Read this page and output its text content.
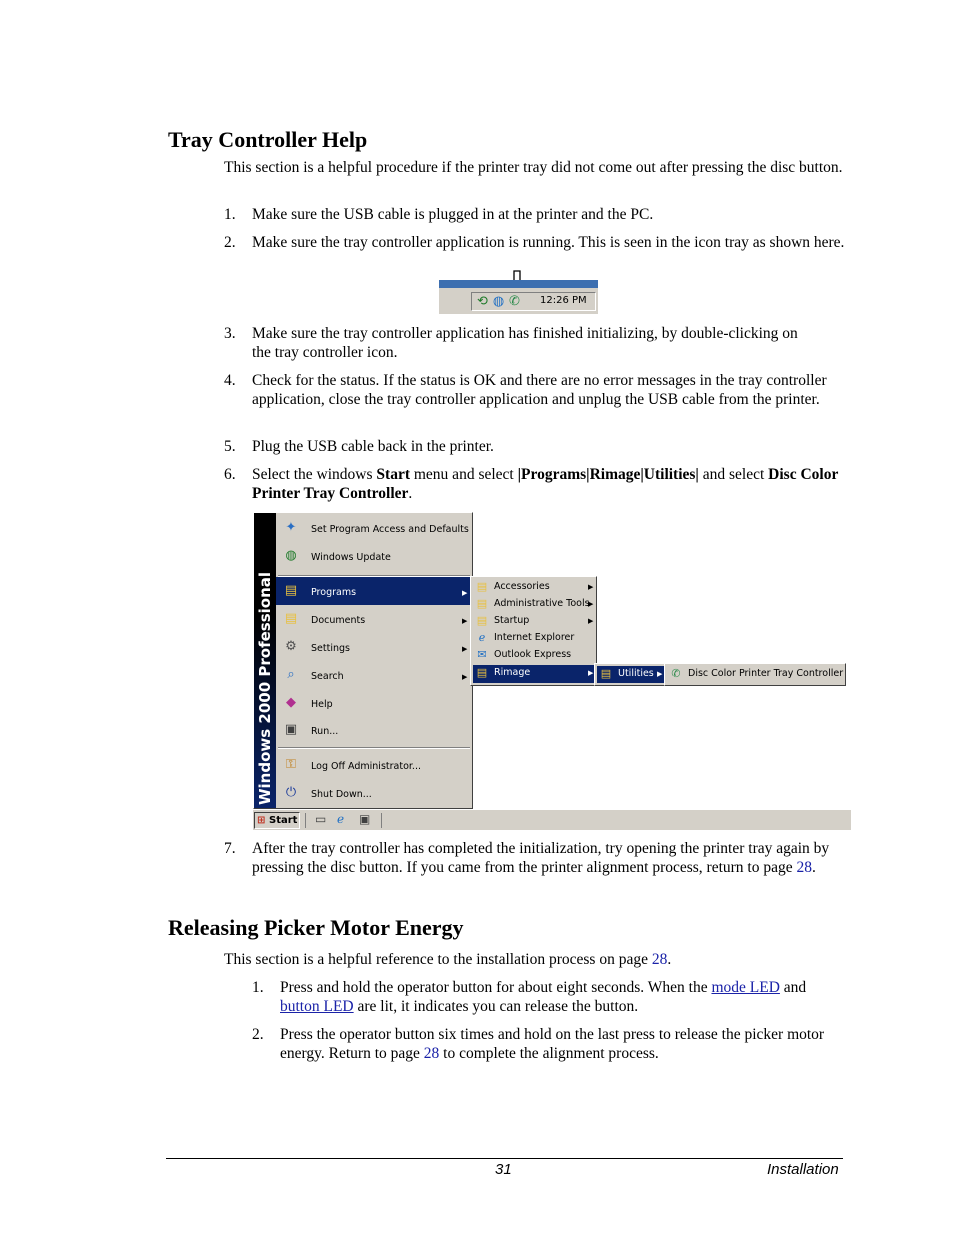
Tray Controller Help
This section is a helpful procedure if the printer tray did not come out after pressing the disc button.
1. Make sure the USB cable is plugged in at the printer and the PC.
2. Make sure the tray controller application is running. This is seen in the icon tray as shown here.
⟲ ◍ ✆ 12:26 PM
3. Make sure the tray controller application has finished initializing, by double-clicking on the tray controller icon.
4. Check for the status. If the status is OK and there are no error messages in the tray controller application, close the tray controller application and unplug the USB cable from the printer.
5. Plug the USB cable back in the printer.
6. Select the windows Start menu and select |Programs|Rimage|Utilities| and select Disc Color Printer Tray Controller.
Windows 2000 Professional
✦	Set Program Access and Defaults
◍	Windows Update
▤	Programs	▶
▤	Documents	▶
⚙	Settings	▶
⌕	Search	▶
◆	Help
▣	Run...
⚿	Log Off Administrator...
⏻	Shut Down...
▤ Accessories	▶
▤ Administrative Tools
▶
▤ Startup	▶
ℯ Internet Explorer
✉ Outlook Express
▤ Rimage	▶ ▤ Utilities ▶ ✆ Disc Color Printer Tray Controller
⊞ Start ▭ ℯ ▣
7. After the tray controller has completed the initialization, try opening the printer tray again by pressing the disc button. If you came from the printer alignment process, return to page 28.
Releasing Picker Motor Energy
This section is a helpful reference to the installation process on page 28.
1. Press and hold the operator button for about eight seconds. When the mode LED and button LED are lit, it indicates you can release the button.
2. Press the operator button six times and hold on the last press to release the picker motor energy. Return to page 28 to complete the alignment process.
31	Installation
